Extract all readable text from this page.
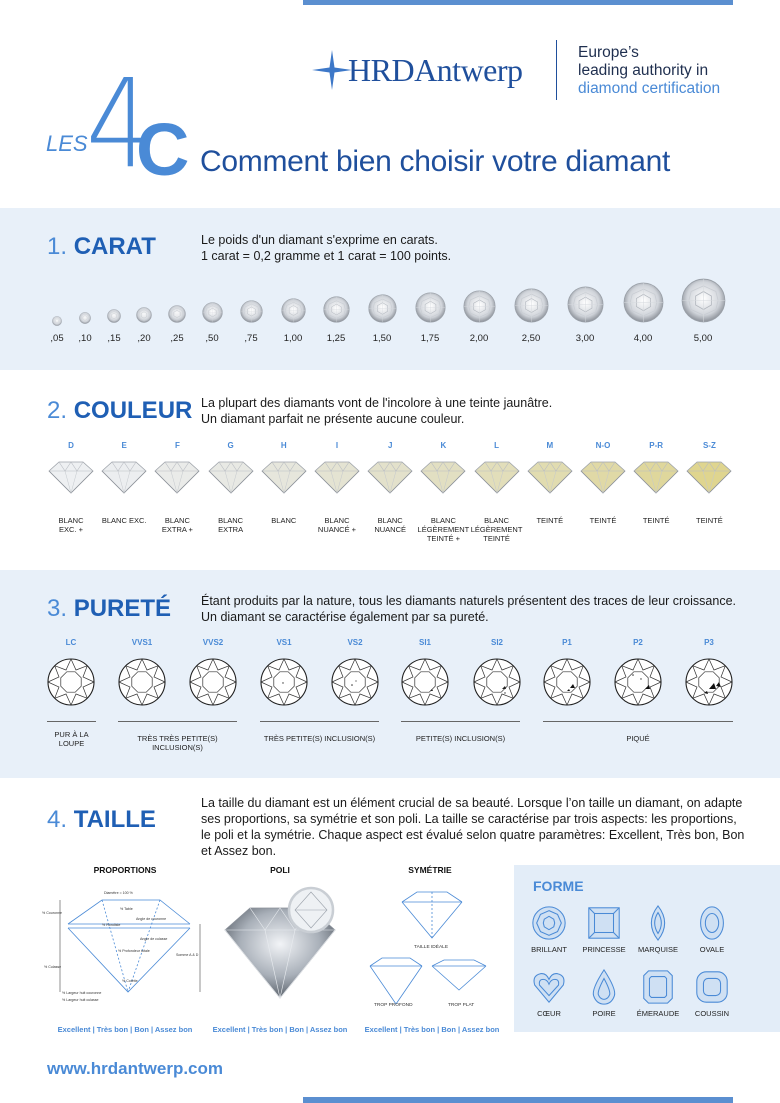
HRDAntwerp	Europe’s
leading authority in
diamond certification
LES
4
C Comment bien choisir votre diamant
1. CARAT	Le poids d'un diamant s'exprime en carats.
1 carat = 0,2 gramme et 1 carat = 100 points.
,05	,10	,15	,20	,25	,50	,75	1,00	1,25	1,50	1,75	2,00	2,50	3,00	4,00	5,00
2. COULEUR La plupart des diamants vont de l'incolore à une teinte jaunâtre.
Un diamant parfait ne présente aucune couleur.
D
BLANC
EXC. +
E
BLANC EXC.
F
BLANC
EXTRA +
G
BLANC
EXTRA
H
BLANC
I
BLANC
NUANCÉ +
J
BLANC
NUANCÉ
K
BLANC
LÉGÈREMENT
TEINTÉ +
L
BLANC
LÉGÈREMENT
TEINTÉ
M
TEINTÉ
N-O
TEINTÉ
P-R
TEINTÉ
S-Z
TEINTÉ
3. PURETÉ Étant produits par la nature, tous les diamants naturels présentent des traces de leur croissance.
Un diamant se caractérise également par sa pureté.
LC	VVS1	VVS2	VS1	VS2	SI1	SI2	P1	P2	P3
PUR À LA
LOUPE
TRÈS TRÈS PETITE(S)
INCLUSION(S)
TRÈS PETITE(S) INCLUSION(S)	PETITE(S) INCLUSION(S)	PIQUÉ
4. TAILLE
La taille du diamant est un élément crucial de sa beauté. Lorsque l’on taille un diamant, on adapte
ses proportions, sa symétrie et son poli. La taille se caractérise par trois aspects: les proportions,
le poli et la symétrie. Chaque aspect est évalué selon quatre paramètres: Excellent, Très bon, Bon
et Assez bon.
PROPORTIONS	POLI	SYMÉTRIE
Diamètre = 100 %
% Table
% Couronne
% Rondiste
Angle de couronne
Angle de culasse
% Profondeur totale
% Culasse
% Colette
Somme A & D
% Largeur huit couronne
% Largeur huit culasse
TAILLE IDÉALE
TROP PROFOND	TROP PLAT
Excellent | Très bon | Bon | Assez bon	Excellent | Très bon | Bon | Assez bon	Excellent | Très bon | Bon | Assez bon
FORME
BRILLANT	PRINCESSE	MARQUISE	OVALE
CŒUR	POIRE	ÉMERAUDE	COUSSIN
www.hrdantwerp.com
